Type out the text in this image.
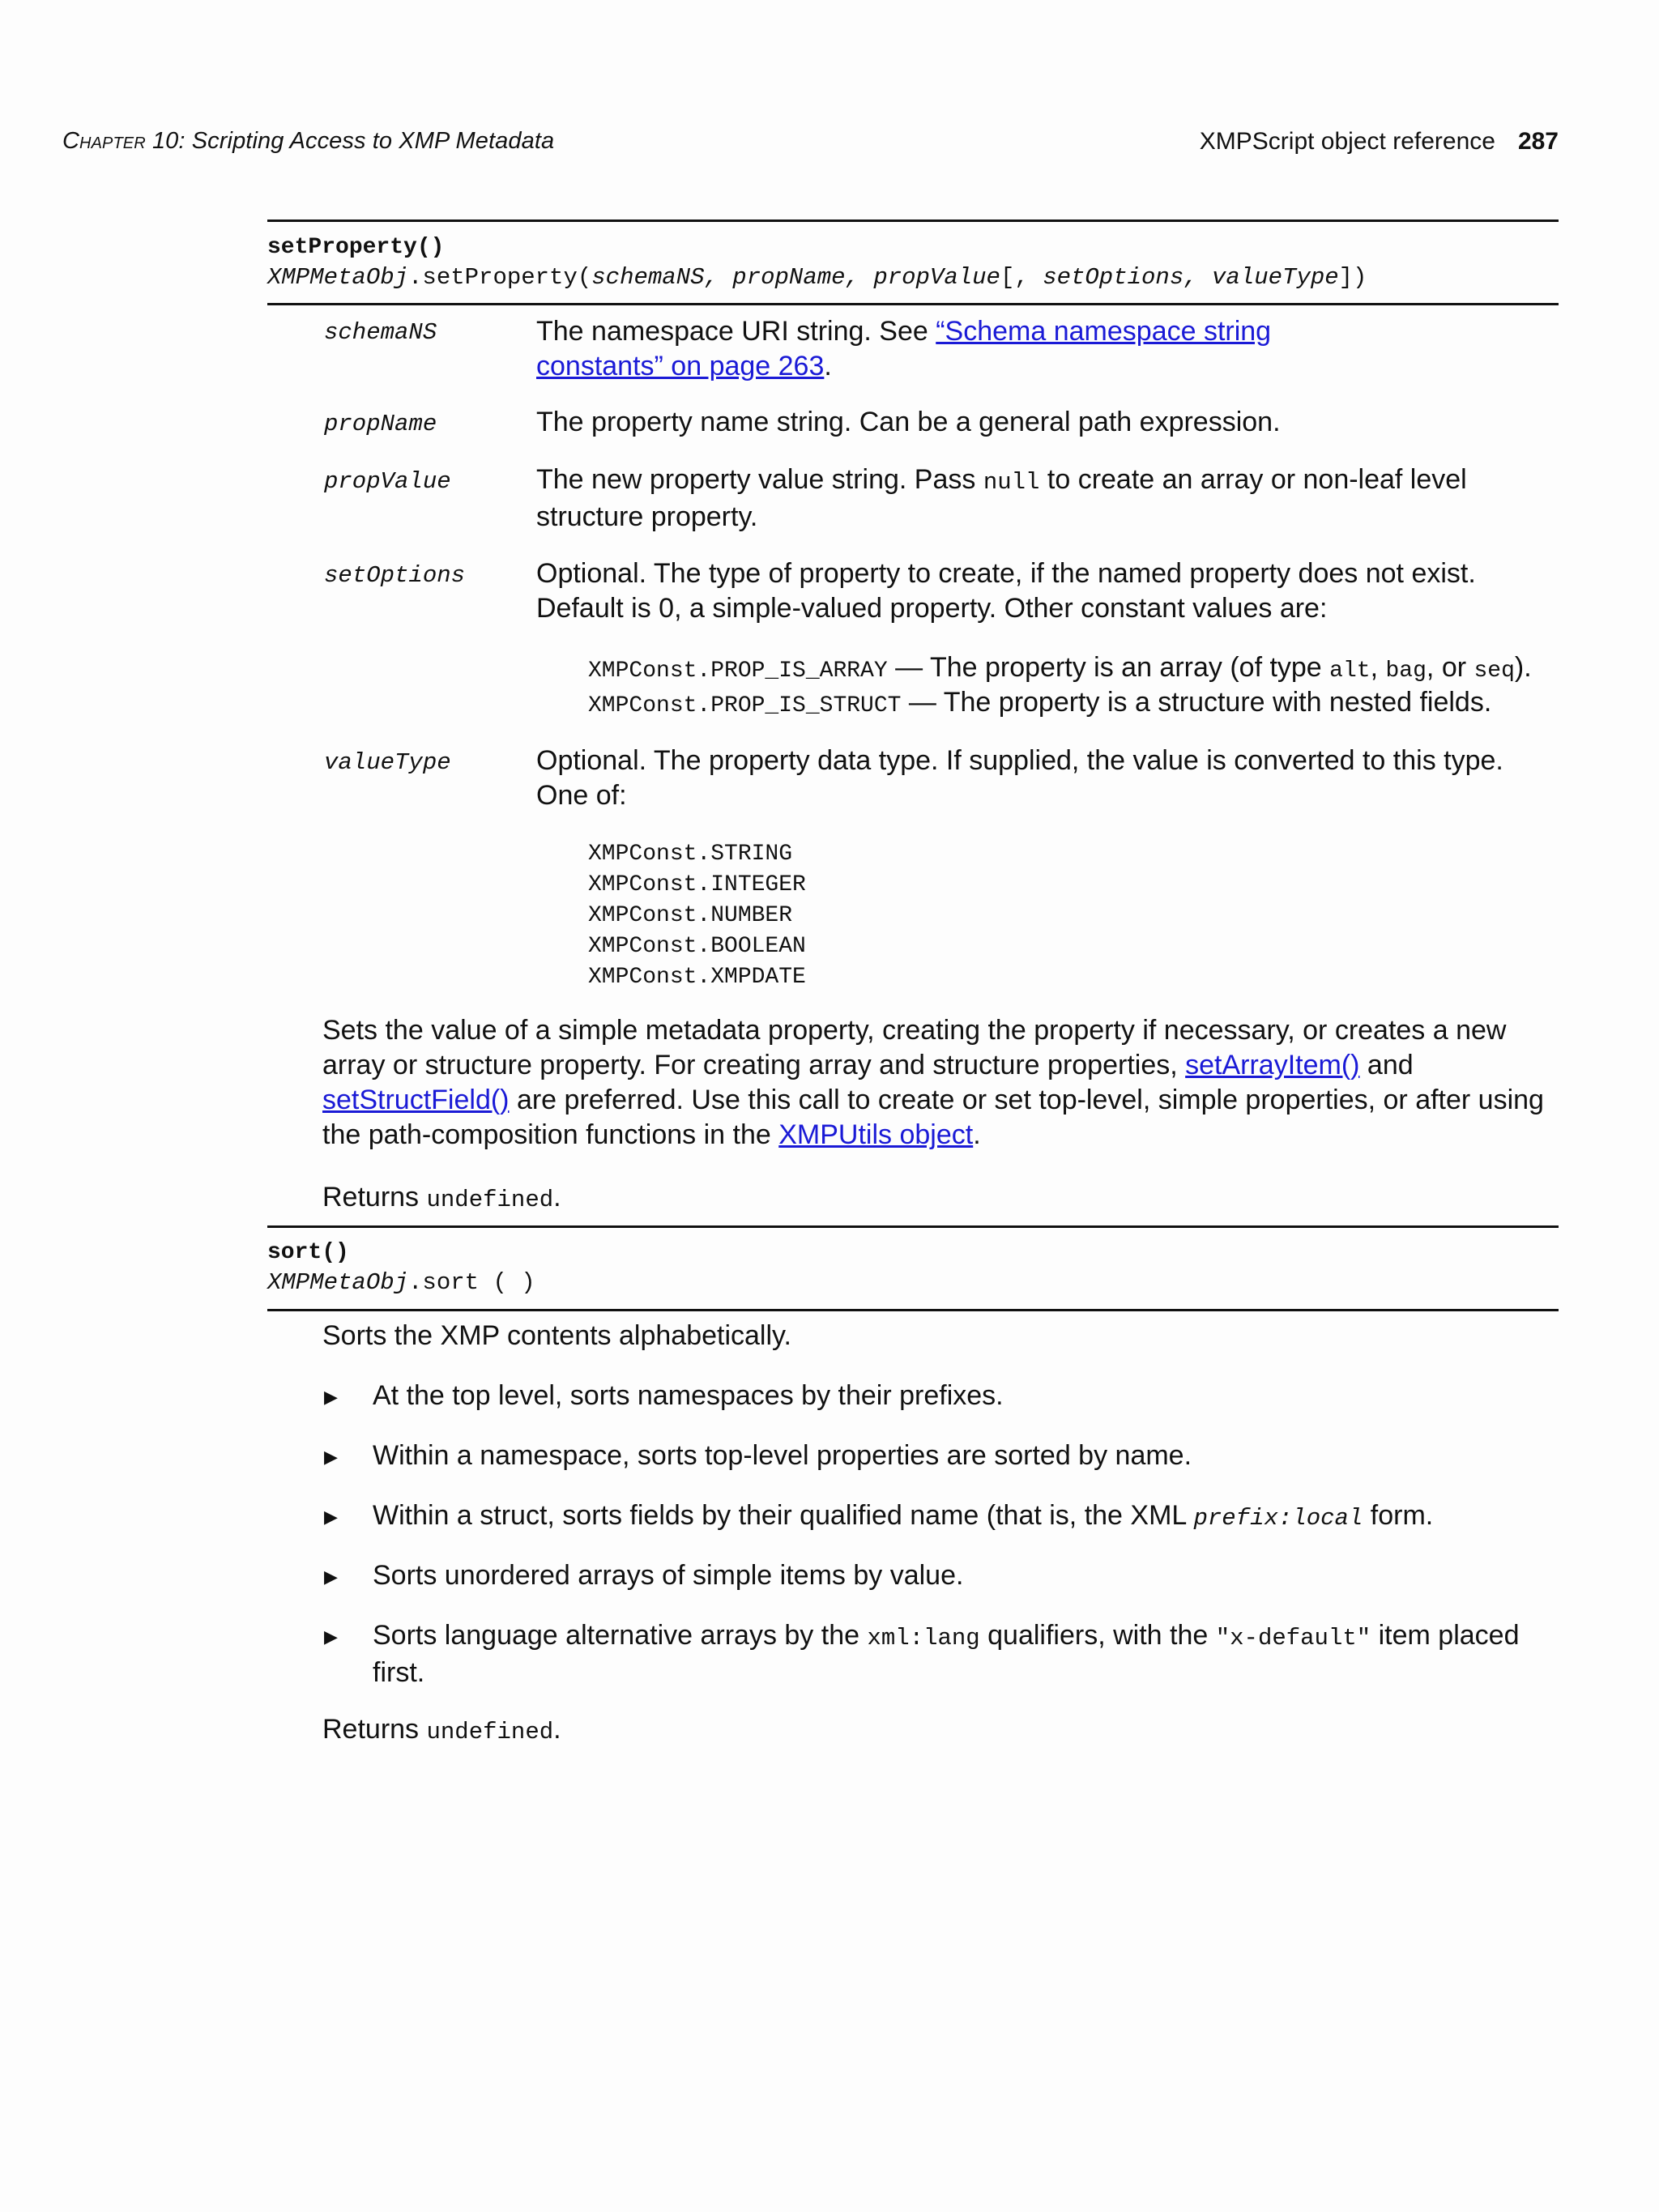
Chapter 10: Scripting Access to XMP Metadata	XMPScript object reference 287
setProperty()
XMPMetaObj.setProperty(schemaNS, propName, propValue[, setOptions, valueType])
schemaNS	The namespace URI string. See “Schema namespace string constants” on page 263.
propName	The property name string. Can be a general path expression.
propValue	The new property value string. Pass null to create an array or non-leaf level structure property.
setOptions	Optional. The type of property to create, if the named property does not exist. Default is 0, a simple-valued property. Other constant values are:
XMPConst.PROP_IS_ARRAY — The property is an array (of type alt, bag, or seq).
XMPConst.PROP_IS_STRUCT — The property is a structure with nested fields.
valueType	Optional. The property data type. If supplied, the value is converted to this type. One of:
XMPConst.STRING
XMPConst.INTEGER
XMPConst.NUMBER
XMPConst.BOOLEAN
XMPConst.XMPDATE
Sets the value of a simple metadata property, creating the property if necessary, or creates a new array or structure property. For creating array and structure properties, setArrayItem() and setStructField() are preferred. Use this call to create or set top-level, simple properties, or after using the path-composition functions in the XMPUtils object.
Returns undefined.
sort()
XMPMetaObj.sort ( )
Sorts the XMP contents alphabetically.
▶ At the top level, sorts namespaces by their prefixes.
▶ Within a namespace, sorts top-level properties are sorted by name.
▶ Within a struct, sorts fields by their qualified name (that is, the XML prefix:local form.
▶ Sorts unordered arrays of simple items by value.
▶ Sorts language alternative arrays by the xml:lang qualifiers, with the "x-default" item placed first.
Returns undefined.
